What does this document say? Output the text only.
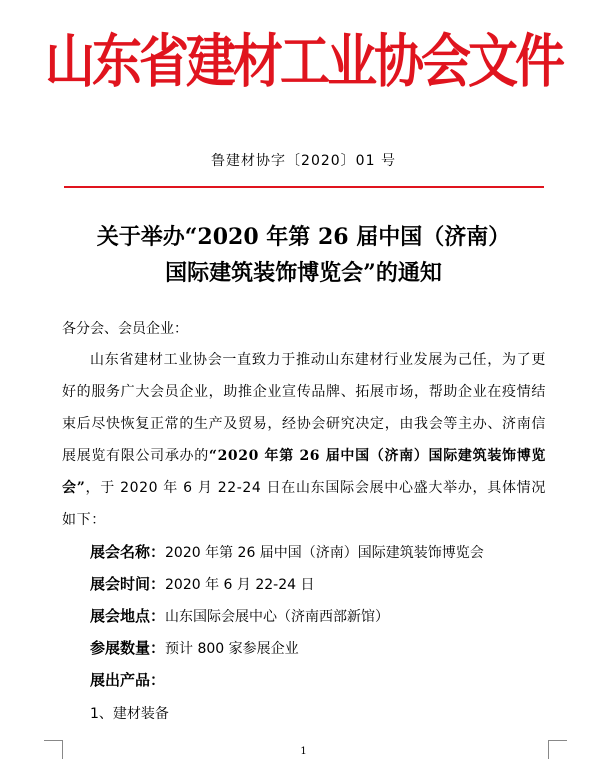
山东省建材工业协会文件
鲁建材协字〔2020〕01 号
关于举办“2020 年第 26 届中国（济南）
国际建筑装饰博览会”的通知
各分会、会员企业：
山东省建材工业协会一直致力于推动山东建材行业发展为己任，为了更好的服务广大会员企业，助推企业宣传品牌、拓展市场，帮助企业在疫情结束后尽快恢复正常的生产及贸易，经协会研究决定，由我会等主办、济南信展展览有限公司承办的“2020 年第 26 届中国（济南）国际建筑装饰博览会”，于 2020 年 6 月 22-24 日在山东国际会展中心盛大举办，具体情况如下：
展会名称：2020 年第 26 届中国（济南）国际建筑装饰博览会
展会时间：2020 年 6 月 22-24 日
展会地点：山东国际会展中心（济南西部新馆）
参展数量：预计 800 家参展企业
展出产品：
1、建材装备
1
